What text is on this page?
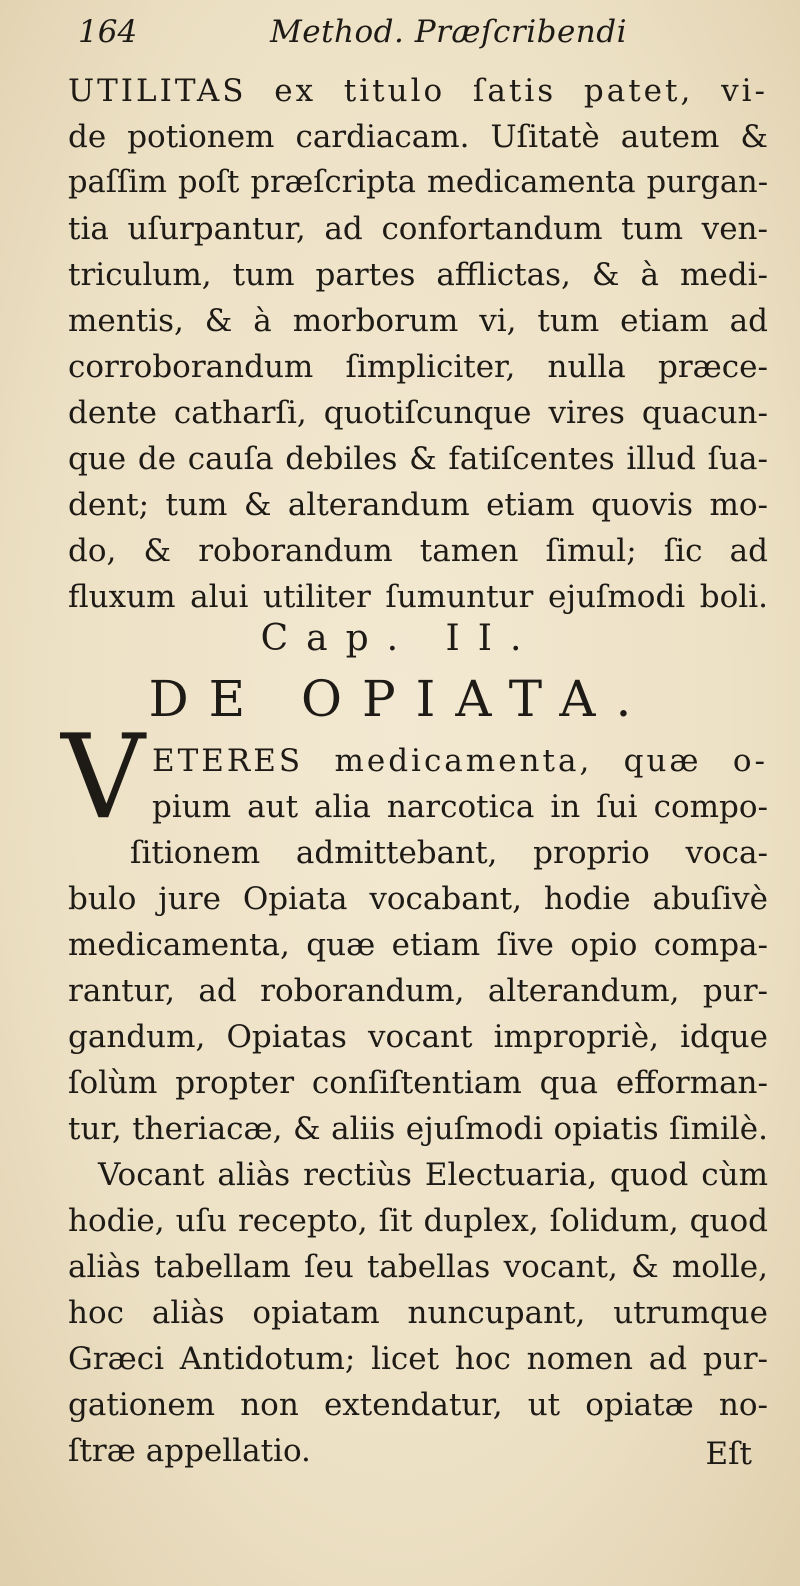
164	Method. Præſcribendi
UTILITAS ex titulo ſatis patet, vi-
de potionem cardiacam. Uſitatè autem &
paſſim poſt præſcripta medicamenta purgan-
tia uſurpantur, ad confortandum tum ven-
triculum, tum partes afflictas, & à medi-
mentis, & à morborum vi, tum etiam ad
corroborandum ſimpliciter, nulla præce-
dente catharſi, quotiſcunque vires quacun-
que de cauſa debiles & fatiſcentes illud ſua-
dent; tum & alterandum etiam quovis mo-
do, & roborandum tamen ſimul; ſic ad
fluxum alui utiliter ſumuntur ejuſmodi boli.
Cap. II.
DE OPIATA.
V ETERES medicamenta, quæ o-
pium aut alia narcotica in ſui compo-
ſitionem admittebant, proprio voca-
bulo jure Opiata vocabant, hodie abuſivè
medicamenta, quæ etiam ſive opio compa-
rantur, ad roborandum, alterandum, pur-
gandum, Opiatas vocant impropriè, idque
ſolùm propter conſiſtentiam qua efforman-
tur, theriacæ, & aliis ejuſmodi opiatis ſimilè.
Vocant aliàs rectiùs Electuaria, quod cùm
hodie, uſu recepto, ſit duplex, ſolidum, quod
aliàs tabellam ſeu tabellas vocant, & molle,
hoc aliàs opiatam nuncupant, utrumque
Græci Antidotum; licet hoc nomen ad pur-
gationem non extendatur, ut opiatæ no-
ſtræ appellatio.	Eſt
